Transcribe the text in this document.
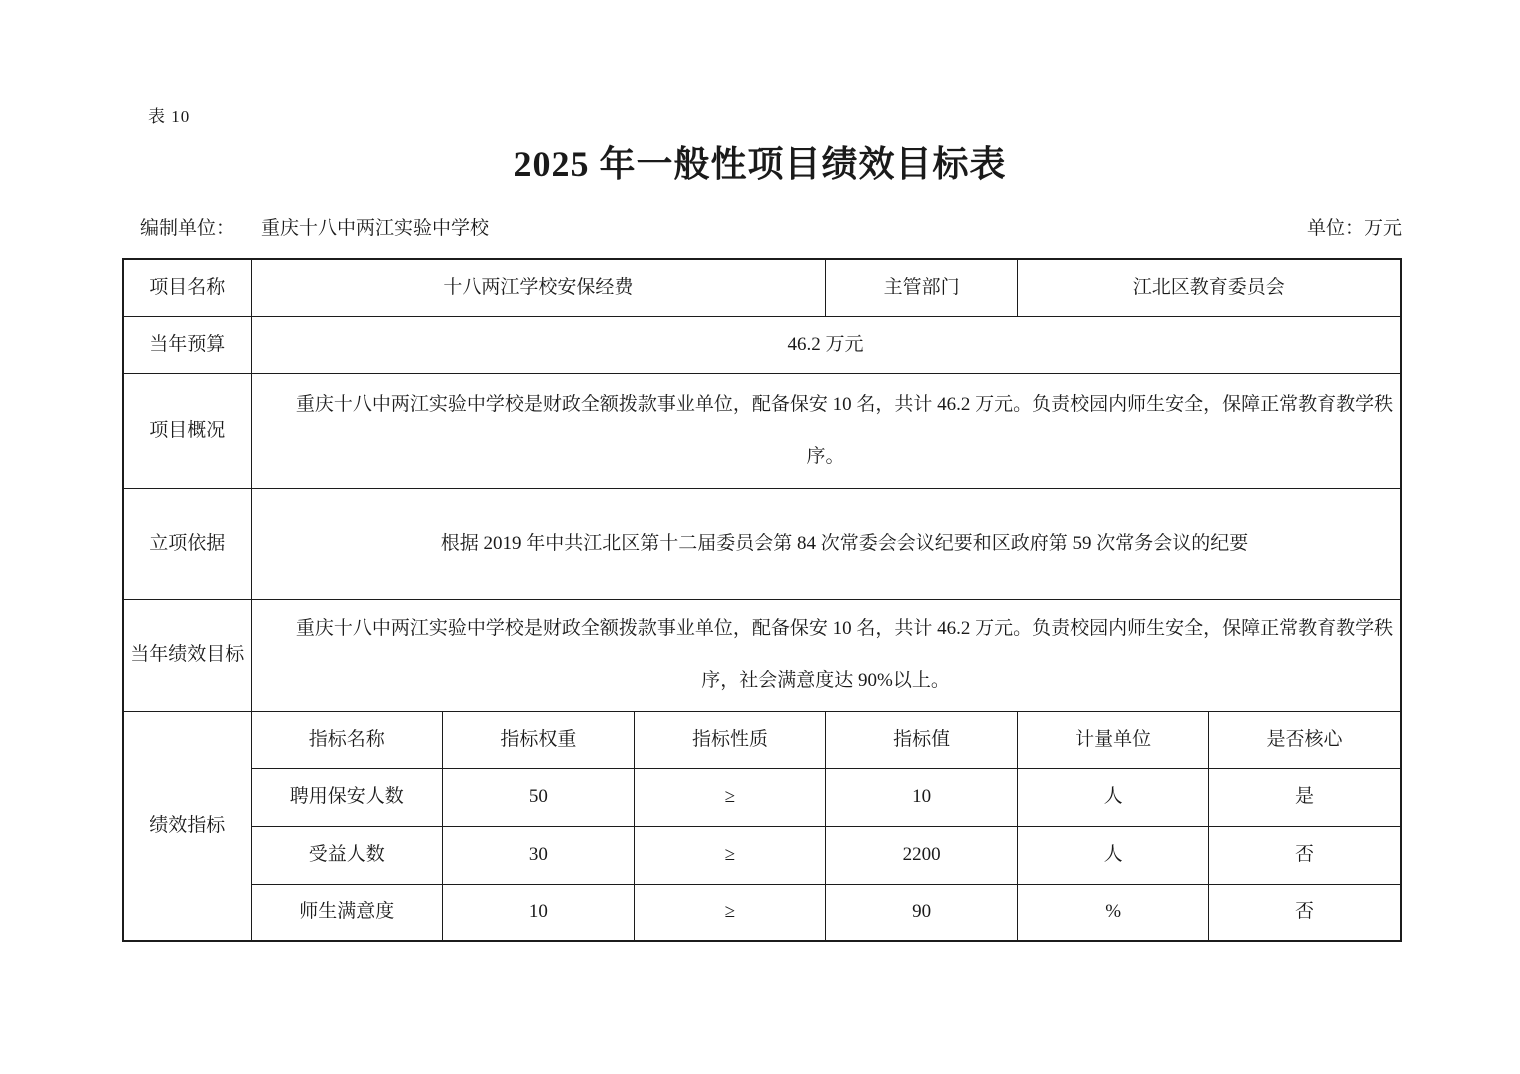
表 10
2025 年一般性项目绩效目标表
编制单位： 重庆十八中两江实验中学校	单位：万元
项目名称	十八两江学校安保经费			主管部门	江北区教育委员会	
当年预算	46.2 万元					
项目概况	重庆十八中两江实验中学校是财政全额拨款事业单位，配备保安 10 名，共计 46.2 万元。负责校园内师生安全，保障正常教育教学秩序。					
立项依据	根据 2019 年中共江北区第十二届委员会第 84 次常委会会议纪要和区政府第 59 次常务会议的纪要					
当年绩效目标	重庆十八中两江实验中学校是财政全额拨款事业单位，配备保安 10 名，共计 46.2 万元。负责校园内师生安全，保障正常教育教学秩序，社会满意度达 90%以上。					
绩效指标	指标名称	指标权重	指标性质	指标值	计量单位	是否核心
	聘用保安人数	50	≥	10	人	是
	受益人数	30	≥	2200	人	否
	师生满意度	10	≥	90	%	否
